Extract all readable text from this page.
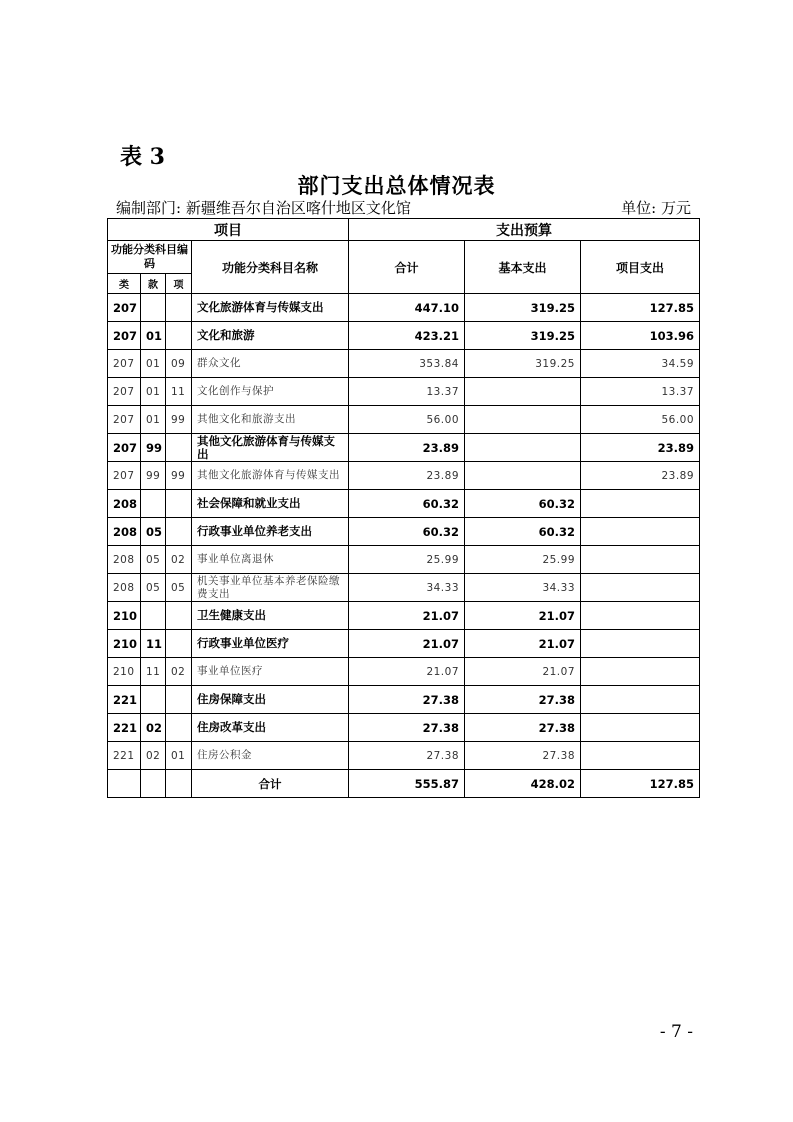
表 3
部门支出总体情况表
编制部门: 新疆维吾尔自治区喀什地区文化馆	单位: 万元
项目				支出预算		
功能分类科目编码			功能分类科目名称	合计	基本支出	项目支出
类	款	项				
207			文化旅游体育与传媒支出	447.10	319.25	127.85
207	01		文化和旅游	423.21	319.25	103.96
207	01	09	群众文化	353.84	319.25	34.59
207	01	11	文化创作与保护	13.37		13.37
207	01	99	其他文化和旅游支出	56.00		56.00
207	99		其他文化旅游体育与传媒支出	23.89		23.89
207	99	99	其他文化旅游体育与传媒支出	23.89		23.89
208			社会保障和就业支出	60.32	60.32	
208	05		行政事业单位养老支出	60.32	60.32	
208	05	02	事业单位离退休	25.99	25.99	
208	05	05	机关事业单位基本养老保险缴费支出	34.33	34.33	
210			卫生健康支出	21.07	21.07	
210	11		行政事业单位医疗	21.07	21.07	
210	11	02	事业单位医疗	21.07	21.07	
221			住房保障支出	27.38	27.38	
221	02		住房改革支出	27.38	27.38	
221	02	01	住房公积金	27.38	27.38	
			合计	555.87	428.02	127.85
- 7 -
